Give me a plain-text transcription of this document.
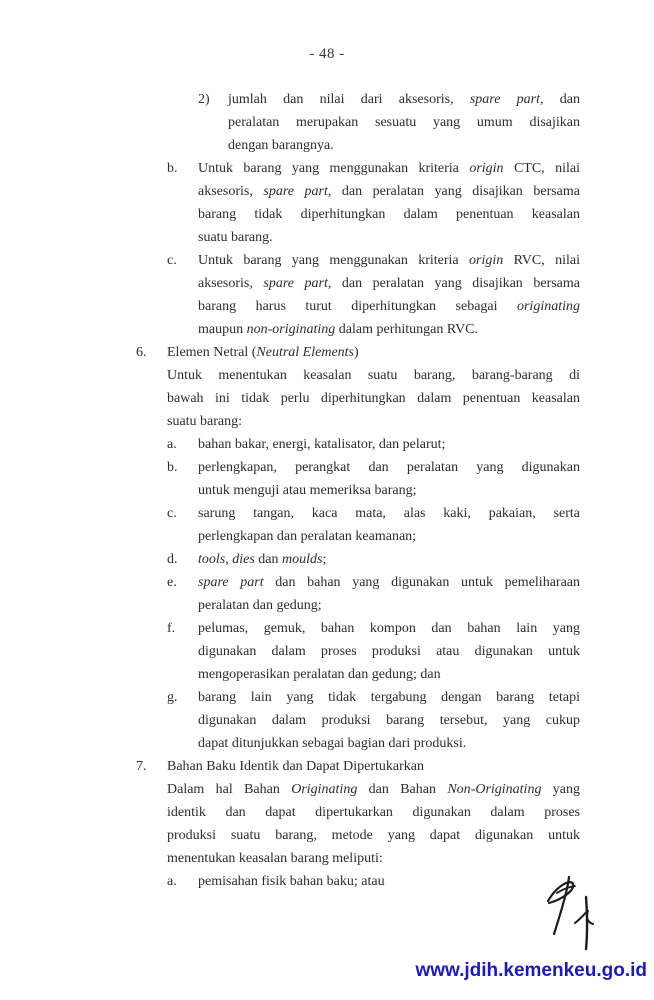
- 48 -
2) jumlah dan nilai dari aksesoris, spare part, dan
peralatan merupakan sesuatu yang umum disajikan
dengan barangnya.
b. Untuk barang yang menggunakan kriteria origin CTC, nilai
aksesoris, spare part, dan peralatan yang disajikan bersama
barang tidak diperhitungkan dalam penentuan keasalan
suatu barang.
c. Untuk barang yang menggunakan kriteria origin RVC, nilai
aksesoris, spare part, dan peralatan yang disajikan bersama
barang harus turut diperhitungkan sebagai originating
maupun non-originating dalam perhitungan RVC.
6. Elemen Netral (Neutral Elements)
Untuk menentukan keasalan suatu barang, barang-barang di
bawah ini tidak perlu diperhitungkan dalam penentuan keasalan
suatu barang:
a. bahan bakar, energi, katalisator, dan pelarut;
b. perlengkapan, perangkat dan peralatan yang digunakan
untuk menguji atau memeriksa barang;
c. sarung tangan, kaca mata, alas kaki, pakaian, serta
perlengkapan dan peralatan keamanan;
d. tools, dies dan moulds;
e. spare part dan bahan yang digunakan untuk pemeliharaan
peralatan dan gedung;
f. pelumas, gemuk, bahan kompon dan bahan lain yang
digunakan dalam proses produksi atau digunakan untuk
mengoperasikan peralatan dan gedung; dan
g. barang lain yang tidak tergabung dengan barang tetapi
digunakan dalam produksi barang tersebut, yang cukup
dapat ditunjukkan sebagai bagian dari produksi.
7. Bahan Baku Identik dan Dapat Dipertukarkan
Dalam hal Bahan Originating dan Bahan Non-Originating yang
identik dan dapat dipertukarkan digunakan dalam proses
produksi suatu barang, metode yang dapat digunakan untuk
menentukan keasalan barang meliputi:
a. pemisahan fisik bahan baku; atau
www.jdih.kemenkeu.go.id
